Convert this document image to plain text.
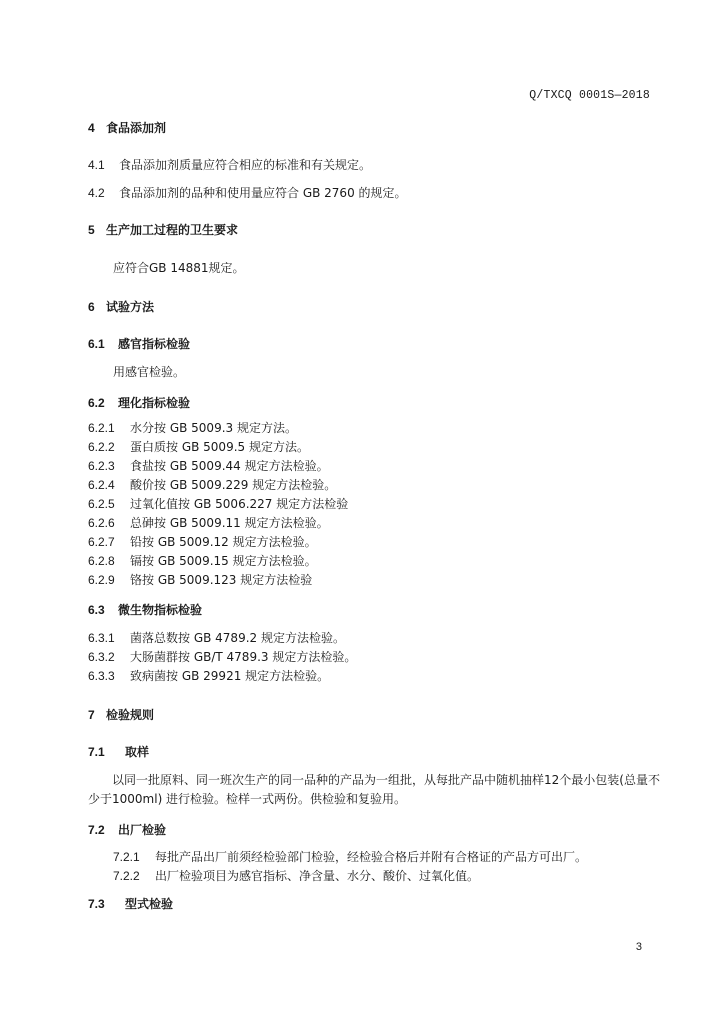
Q/TXCQ 0001S—2018
4 食品添加剂
4.1 食品添加剂质量应符合相应的标准和有关规定。
4.2 食品添加剂的品种和使用量应符合 GB 2760 的规定。
5 生产加工过程的卫生要求
应符合GB 14881规定。
6 试验方法
6.1 感官指标检验
用感官检验。
6.2 理化指标检验
6.2.1 水分按 GB 5009.3 规定方法。
6.2.2 蛋白质按 GB 5009.5 规定方法。
6.2.3 食盐按 GB 5009.44 规定方法检验。
6.2.4 酸价按 GB 5009.229 规定方法检验。
6.2.5 过氧化值按 GB 5006.227 规定方法检验
6.2.6 总砷按 GB 5009.11 规定方法检验。
6.2.7 铅按 GB 5009.12 规定方法检验。
6.2.8 镉按 GB 5009.15 规定方法检验。
6.2.9 铬按 GB 5009.123 规定方法检验
6.3 微生物指标检验
6.3.1 菌落总数按 GB 4789.2 规定方法检验。
6.3.2 大肠菌群按 GB/T 4789.3 规定方法检验。
6.3.3 致病菌按 GB 29921 规定方法检验。
7 检验规则
7.1 取样
以同一批原料、同一班次生产的同一品种的产品为一组批，从每批产品中随机抽样12个最小包装(总量不少于1000ml) 进行检验。检样一式两份。供检验和复验用。
7.2 出厂检验
7.2.1 每批产品出厂前须经检验部门检验，经检验合格后并附有合格证的产品方可出厂。
7.2.2 出厂检验项目为感官指标、净含量、水分、酸价、过氧化值。
7.3 型式检验
3
